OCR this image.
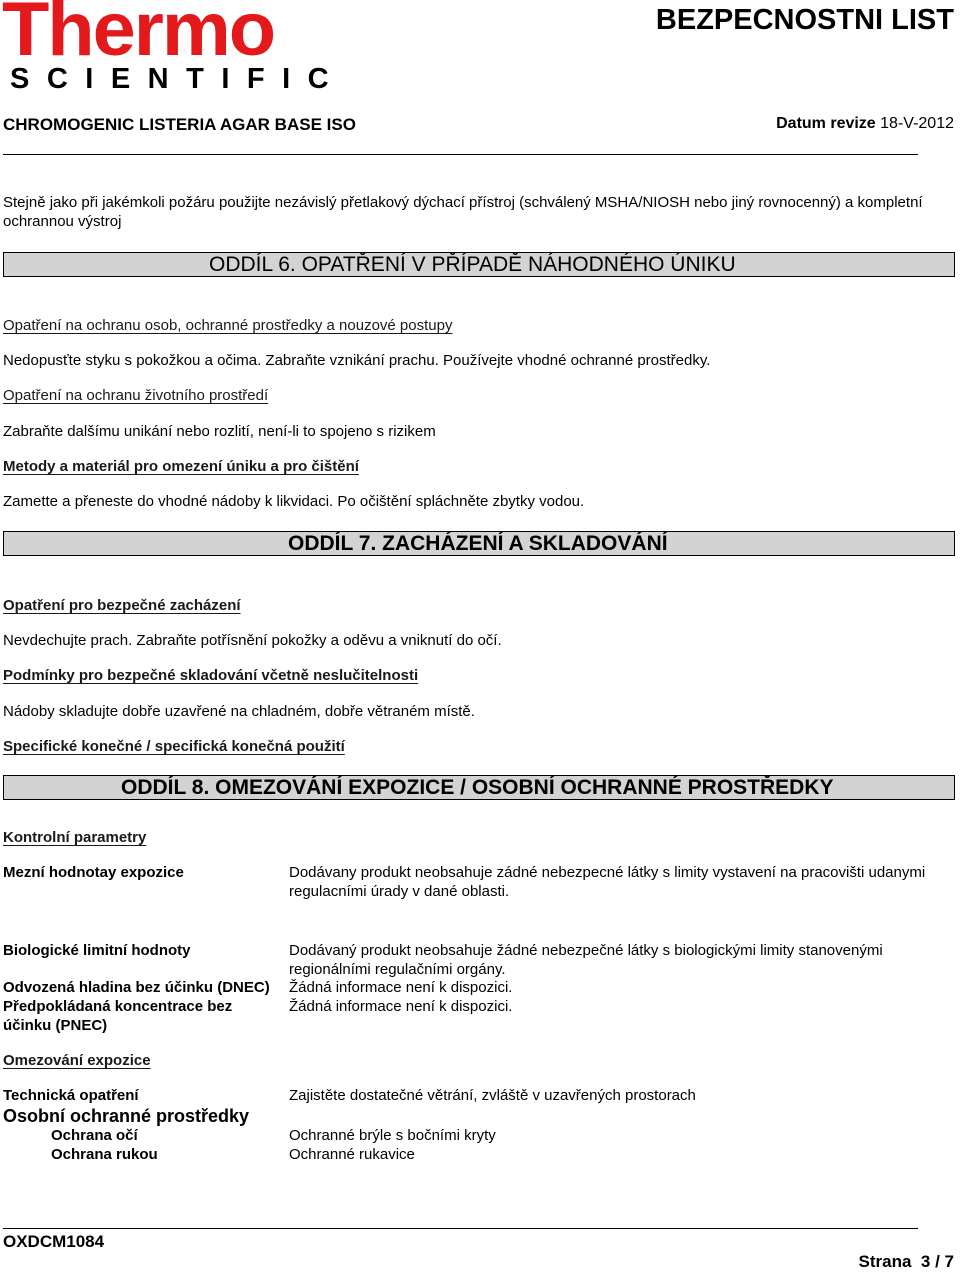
Thermo
SCIENTIFIC
BEZPECNOSTNI LIST
CHROMOGENIC LISTERIA AGAR BASE ISO	Datum revize 18-V-2012
Stejně jako při jakémkoli požáru použijte nezávislý přetlakový dýchací přístroj (schválený MSHA/NIOSH nebo jiný rovnocenný) a kompletní ochrannou výstroj
ODDÍL 6. OPATŘENÍ V PŘÍPADĚ NÁHODNÉHO ÚNIKU
Opatření na ochranu osob, ochranné prostředky a nouzové postupy
Nedopusťte styku s pokožkou a očima. Zabraňte vznikání prachu. Používejte vhodné ochranné prostředky.
Opatření na ochranu životního prostředí
Zabraňte dalšímu unikání nebo rozlití, není-li to spojeno s rizikem
Metody a materiál pro omezení úniku a pro čištění
Zamette a přeneste do vhodné nádoby k likvidaci. Po očištění spláchněte zbytky vodou.
ODDÍL 7. ZACHÁZENÍ A SKLADOVÁNÍ
Opatření pro bezpečné zacházení
Nevdechujte prach. Zabraňte potřísnění pokožky a oděvu a vniknutí do očí.
Podmínky pro bezpečné skladování včetně neslučitelnosti
Nádoby skladujte dobře uzavřené na chladném, dobře větraném místě.
Specifické konečné / specifická konečná použití
ODDÍL 8. OMEZOVÁNÍ EXPOZICE / OSOBNÍ OCHRANNÉ PROSTŘEDKY
Kontrolní parametry
Mezní hodnotay expozice	Dodávany produkt neobsahuje zádné nebezpecné látky s limity vystavení na pracovišti udanymi regulacními úrady v dané oblasti.
Biologické limitní hodnoty	Dodávaný produkt neobsahuje žádné nebezpečné látky s biologickými limity stanovenými regionálními regulačními orgány.
Odvozená hladina bez účinku (DNEC) Žádná informace není k dispozici.
Předpokládaná koncentrace bez
účinku (PNEC)
Žádná informace není k dispozici.
Omezování expozice
Technická opatření	Zajistěte dostatečné větrání, zvláště v uzavřených prostorach
Osobní ochranné prostředky
Ochrana očí	Ochranné brýle s bočními kryty
Ochrana rukou	Ochranné rukavice
OXDCM1084
Strana 3 / 7
